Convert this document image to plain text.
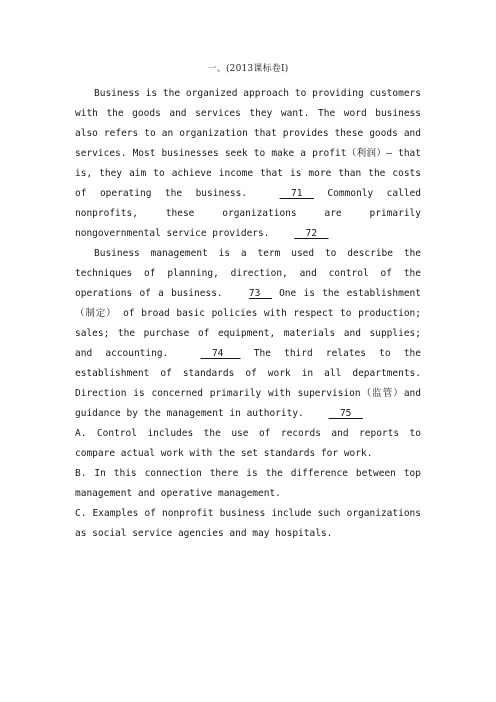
一、(2013课标卷Ⅰ)

Business is the organized approach to providing customers with the goods and services they want. The word business also refers to an organization that provides these goods and services. Most businesses seek to make a profit（利润）— that is, they aim to achieve income that is more than the costs of operating the business.	71   Commonly called nonprofits, these organizations are primarily nongovernmental service providers.	72

Business management is a term used to describe the techniques of planning, direction, and control of the operations of a business.	73   One is the establishment（制定） of broad basic policies with respect to production; sales; the purchase of equipment, materials and supplies; and accounting.	74    The third relates to the establishment of standards of work in all departments. Direction is concerned primarily with supervision（监管）and guidance by the management in authority.	75

A. Control includes the use of records and reports to compare actual work with the set standards for work.

B. In this connection there is the difference between top management and operative management.

C. Examples of nonprofit business include such organizations as social service agencies and may hospitals.
